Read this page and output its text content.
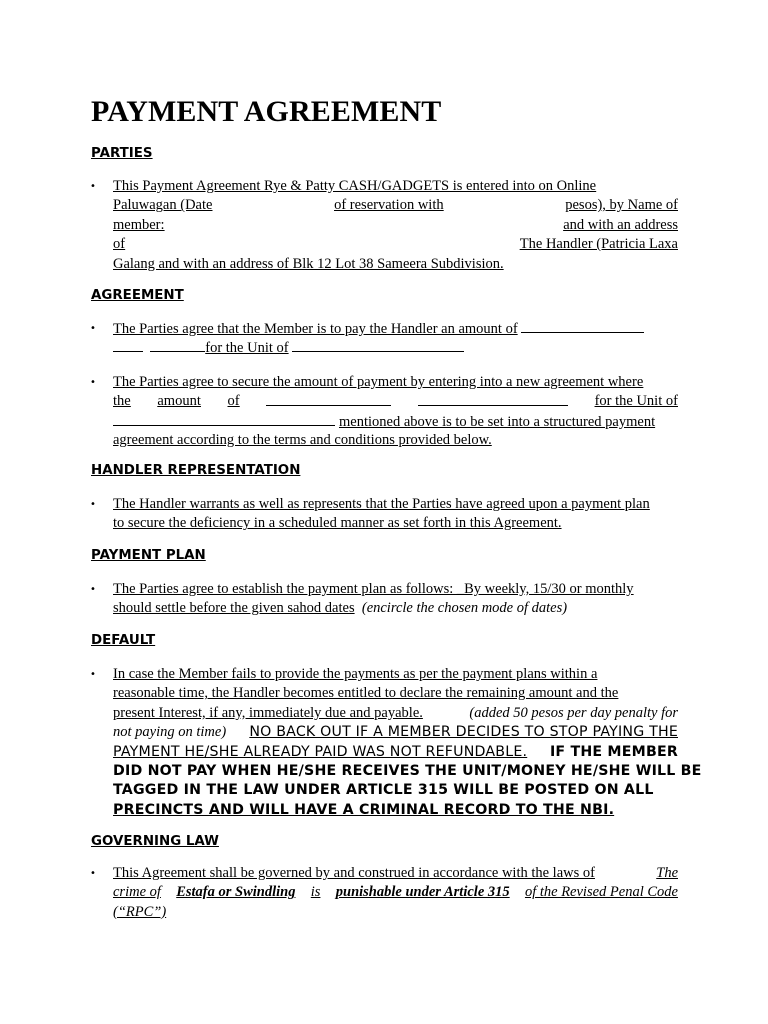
PAYMENT AGREEMENT
PARTIES
• This Payment Agreement Rye & Patty CASH/GADGETS is entered into on Online
Paluwagan (Date	of reservation with	pesos), by Name of
member:	and with an address
of	The Handler (Patricia Laxa
Galang and with an address of Blk 12 Lot 38 Sameera Subdivision.
AGREEMENT
• The Parties agree that the Member is to pay the Handler an amount of
for the Unit of
• The Parties agree to secure the amount of payment by entering into a new agreement where
the amount of	for the Unit of
mentioned above is to be set into a structured payment
agreement according to the terms and conditions provided below.
HANDLER REPRESENTATION
• The Handler warrants as well as represents that the Parties have agreed upon a payment plan
to secure the deficiency in a scheduled manner as set forth in this Agreement.
PAYMENT PLAN
• The Parties agree to establish the payment plan as follows: _By weekly, 15/30 or monthly
should settle before the given sahod dates (encircle the chosen mode of dates)
DEFAULT
• In case the Member fails to provide the payments as per the payment plans within a
reasonable time, the Handler becomes entitled to declare the remaining amount and the
present Interest, if any, immediately due and payable.	(added 50 pesos per day penalty for
not paying on time) NO BACK OUT IF A MEMBER DECIDES TO STOP PAYING THE
PAYMENT HE/SHE ALREADY PAID WAS NOT REFUNDABLE. IF THE MEMBER
DID NOT PAY WHEN HE/SHE RECEIVES THE UNIT/MONEY HE/SHE WILL BE
TAGGED IN THE LAW UNDER ARTICLE 315 WILL BE POSTED ON ALL
PRECINCTS AND WILL HAVE A CRIMINAL RECORD TO THE NBI.
GOVERNING LAW
• This Agreement shall be governed by and construed in accordance with the laws of	The
crime of Estafa or Swindling is punishable under Article 315 of the Revised Penal Code
(“RPC”)
